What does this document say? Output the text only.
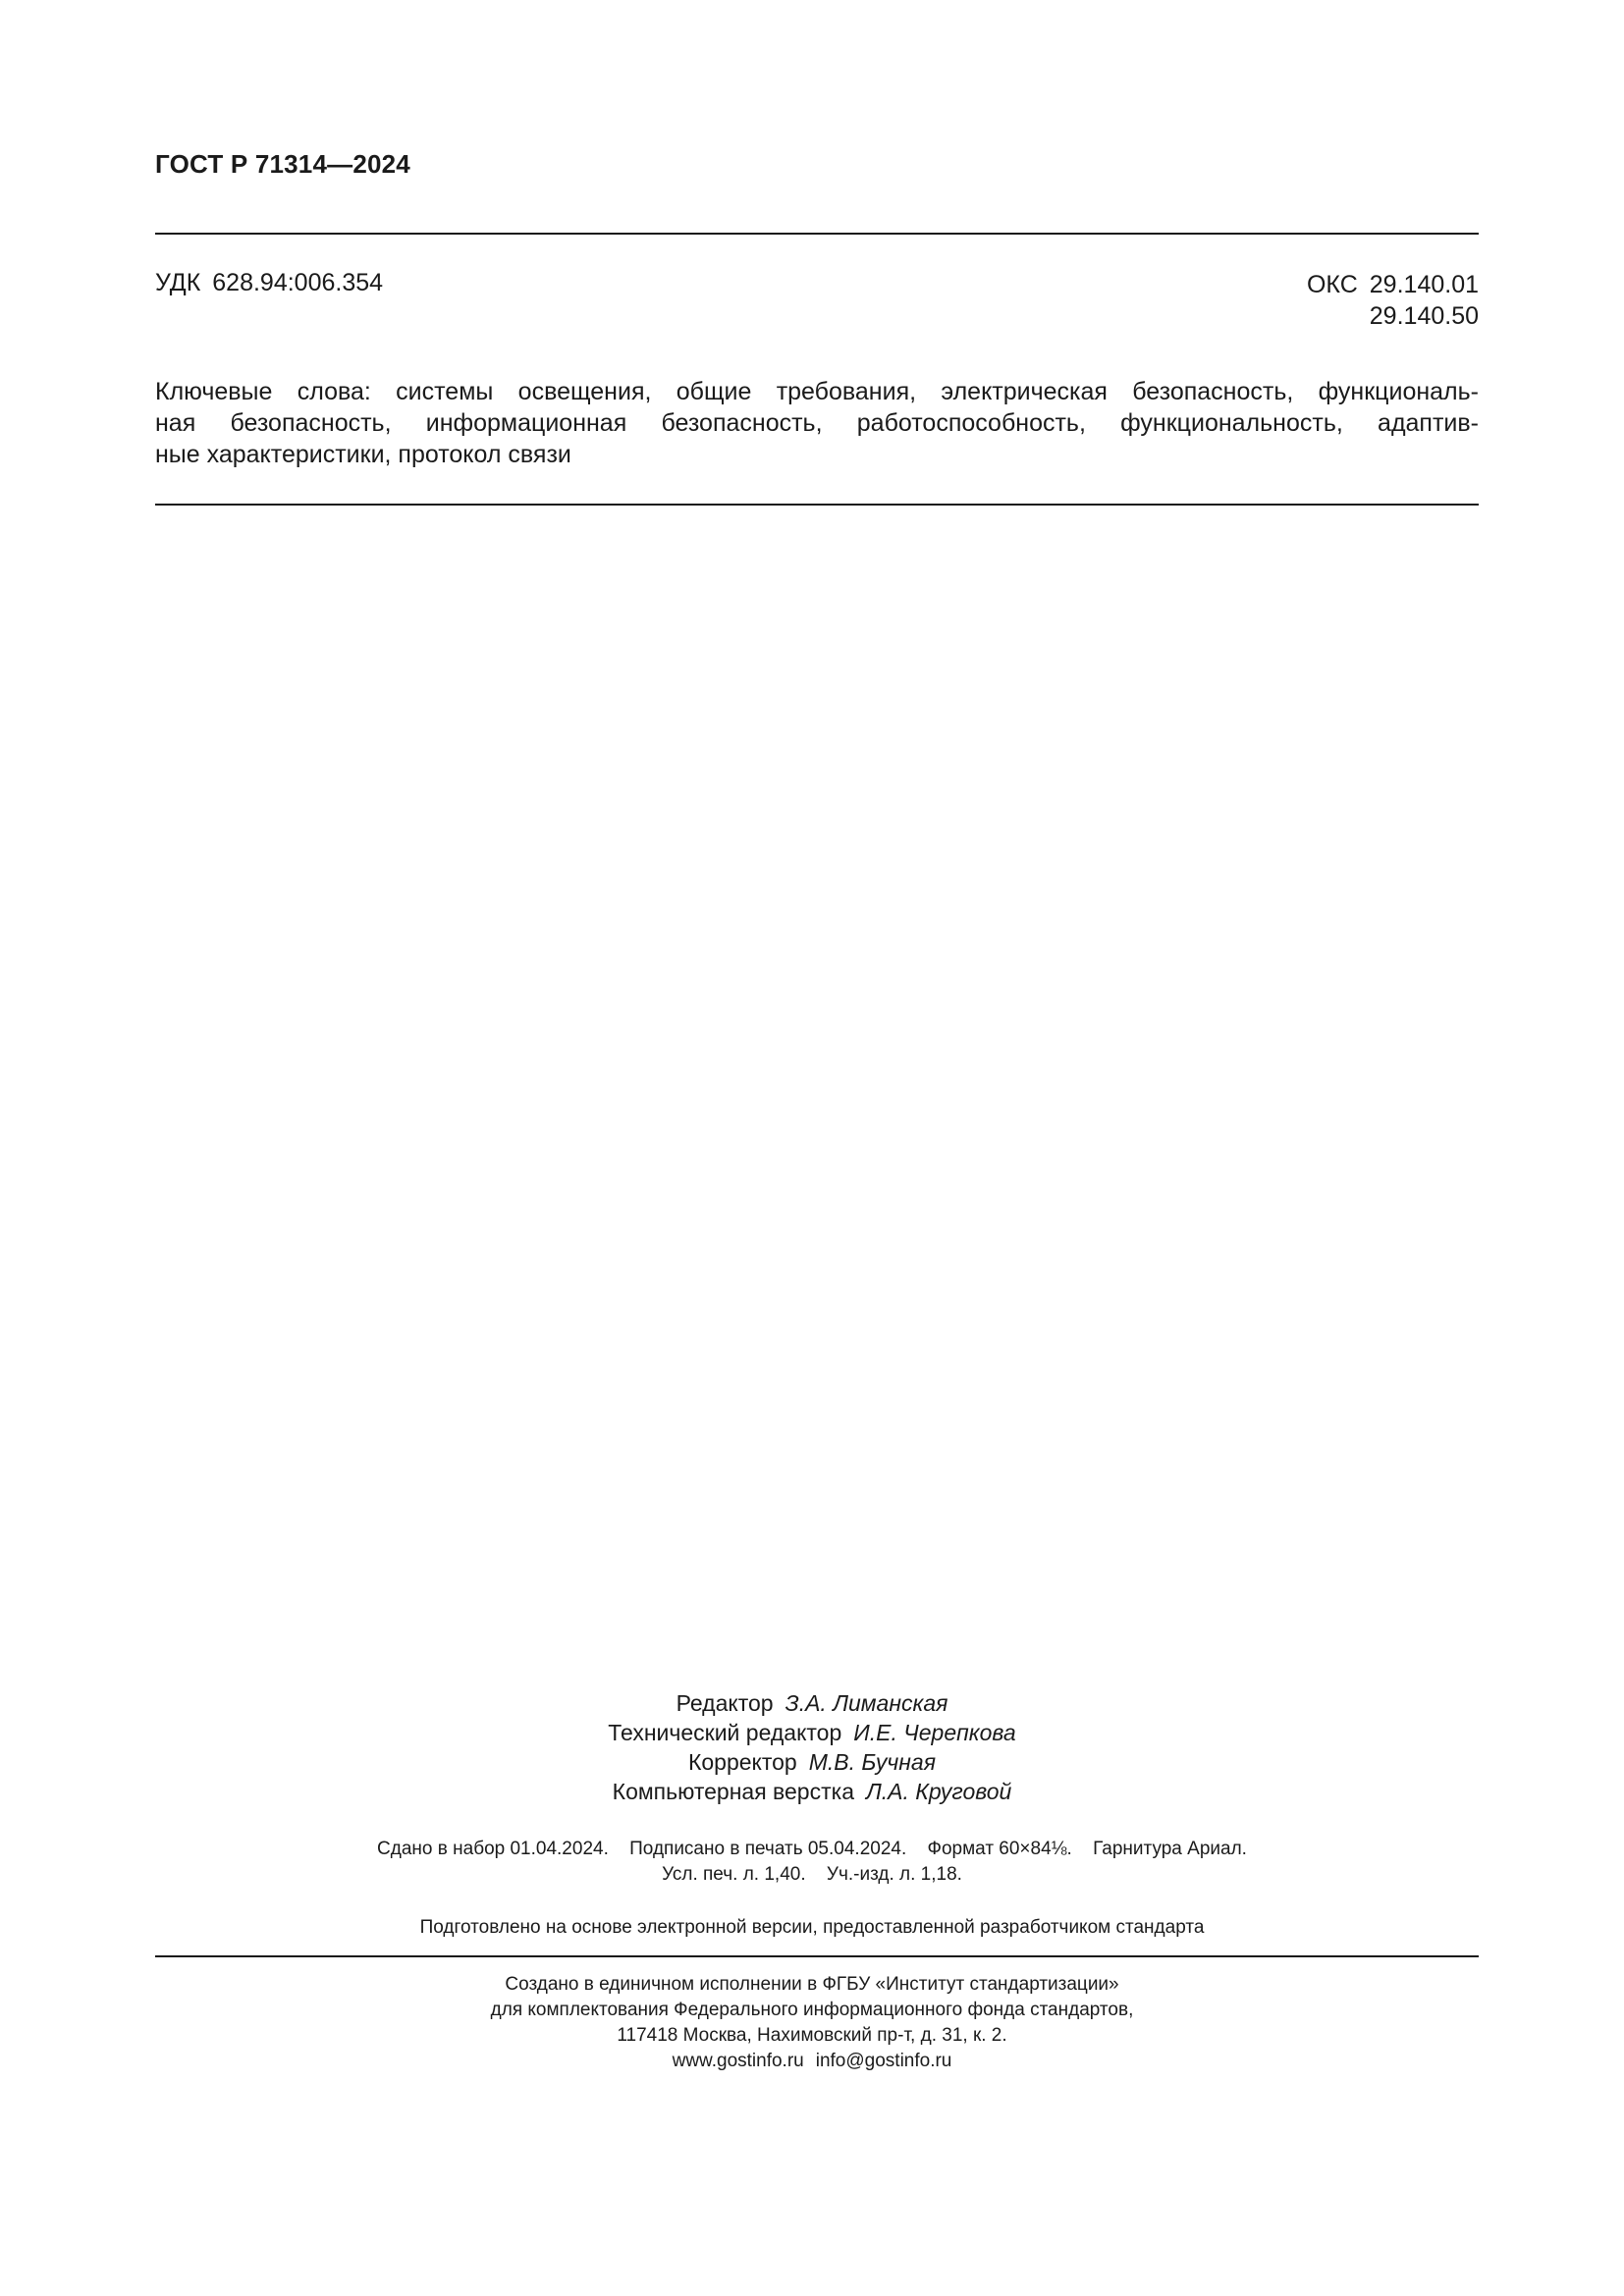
ГОСТ Р 71314—2024
УДК 628.94:006.354	ОКС 29.140.01
29.140.50
Ключевые слова: системы освещения, общие требования, электрическая безопасность, функциональ-
ная безопасность, информационная безопасность, работоспособность, функциональность, адаптив-
ные характеристики, протокол связи
Редактор З.А. Лиманская
Технический редактор И.Е. Черепкова
Корректор М.В. Бучная
Компьютерная верстка Л.А. Круговой
Сдано в набор 01.04.2024. Подписано в печать 05.04.2024. Формат 60×84⅛. Гарнитура Ариал.
Усл. печ. л. 1,40. Уч.-изд. л. 1,18.
Подготовлено на основе электронной версии, предоставленной разработчиком стандарта
Создано в единичном исполнении в ФГБУ «Институт стандартизации»
для комплектования Федерального информационного фонда стандартов,
117418 Москва, Нахимовский пр-т, д. 31, к. 2.
www.gostinfo.ru info@gostinfo.ru
